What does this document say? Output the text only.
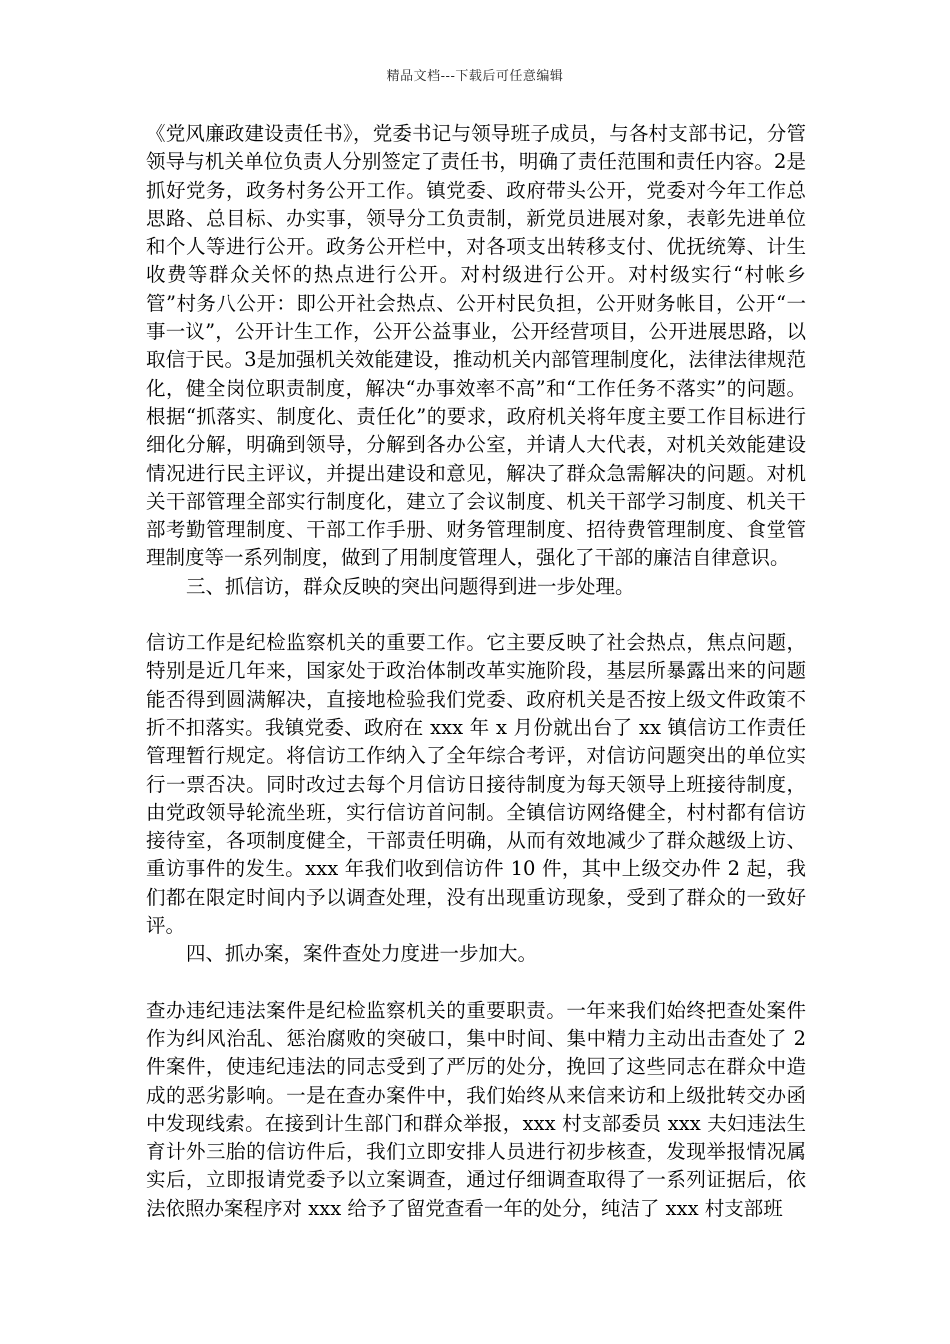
精品文档---下载后可任意编辑

《党风廉政建设责任书》，党委书记与领导班子成员，与各村支部书记，分管领导与机关单位负责人分别签定了责任书，明确了责任范围和责任内容。2是抓好党务，政务村务公开工作。镇党委、政府带头公开，党委对今年工作总思路、总目标、办实事，领导分工负责制，新党员进展对象，表彰先进单位和个人等进行公开。政务公开栏中，对各项支出转移支付、优抚统筹、计生收费等群众关怀的热点进行公开。对村级进行公开。对村级实行“村帐乡管”村务八公开：即公开社会热点、公开村民负担，公开财务帐目，公开“一事一议”，公开计生工作，公开公益事业，公开经营项目，公开进展思路，以取信于民。3是加强机关效能建设，推动机关内部管理制度化，法律法律规范化，健全岗位职责制度，解决“办事效率不高”和“工作任务不落实”的问题。根据“抓落实、制度化、责任化”的要求，政府机关将年度主要工作目标进行细化分解，明确到领导，分解到各办公室，并请人大代表，对机关效能建设情况进行民主评议，并提出建设和意见，解决了群众急需解决的问题。对机关干部管理全部实行制度化，建立了会议制度、机关干部学习制度、机关干部考勤管理制度、干部工作手册、财务管理制度、招待费管理制度、食堂管理制度等一系列制度，做到了用制度管理人，强化了干部的廉洁自律意识。

三、抓信访，群众反映的突出问题得到进一步处理。

信访工作是纪检监察机关的重要工作。它主要反映了社会热点，焦点问题，特别是近几年来，国家处于政治体制改革实施阶段，基层所暴露出来的问题能否得到圆满解决，直接地检验我们党委、政府机关是否按上级文件政策不折不扣落实。我镇党委、政府在 xxx 年 x 月份就出台了 xx 镇信访工作责任管理暂行规定。将信访工作纳入了全年综合考评，对信访问题突出的单位实行一票否决。同时改过去每个月信访日接待制度为每天领导上班接待制度，由党政领导轮流坐班，实行信访首问制。全镇信访网络健全，村村都有信访接待室，各项制度健全，干部责任明确，从而有效地减少了群众越级上访、重访事件的发生。xxx 年我们收到信访件 10 件，其中上级交办件 2 起，我们都在限定时间内予以调查处理，没有出现重访现象，受到了群众的一致好评。

四、抓办案，案件查处力度进一步加大。

查办违纪违法案件是纪检监察机关的重要职责。一年来我们始终把查处案件作为纠风治乱、惩治腐败的突破口，集中时间、集中精力主动出击查处了 2 件案件，使违纪违法的同志受到了严厉的处分，挽回了这些同志在群众中造成的恶劣影响。一是在查办案件中，我们始终从来信来访和上级批转交办函中发现线索。在接到计生部门和群众举报，xxx 村支部委员 xxx 夫妇违法生育计外三胎的信访件后，我们立即安排人员进行初步核查，发现举报情况属实后，立即报请党委予以立案调查，通过仔细调查取得了一系列证据后，依法依照办案程序对 xxx 给予了留党查看一年的处分，纯洁了 xxx 村支部班
